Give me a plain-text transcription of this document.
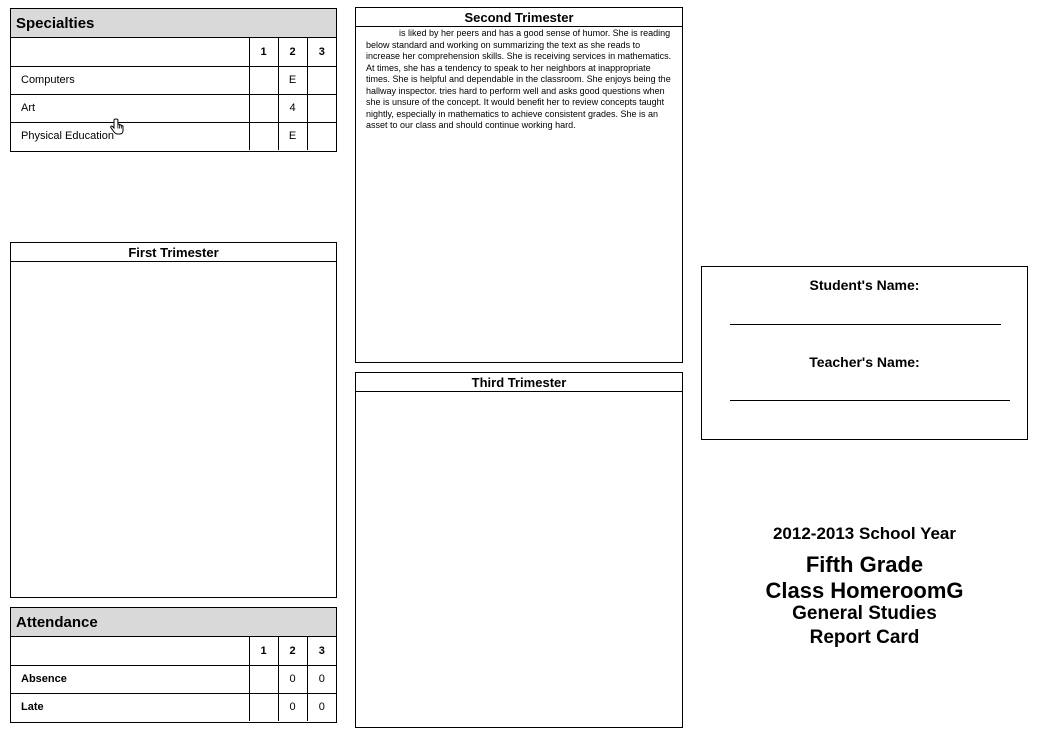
Specialties
	1	2	3
Computers		E	
Art		4	
Physical Education		E	
First Trimester
Attendance
	1	2	3
Absence		0	0
Late		0	0
Second Trimester
is liked by her peers and has a good sense of humor. She is reading below standard and working on summarizing the text as she reads to increase her comprehension skills. She is receiving services in mathematics. At times, she has a tendency to speak to her neighbors at inappropriate times. She is helpful and dependable in the classroom. She enjoys being the hallway inspector. tries hard to perform well and asks good questions when she is unsure of the concept. It would benefit her to review concepts taught nightly, especially in mathematics to achieve consistent grades. She is an asset to our class and should continue working hard.
Third Trimester
Student's Name:
Teacher's Name:
2012-2013 School Year
Fifth Grade
Class HomeroomG
General Studies
Report Card
